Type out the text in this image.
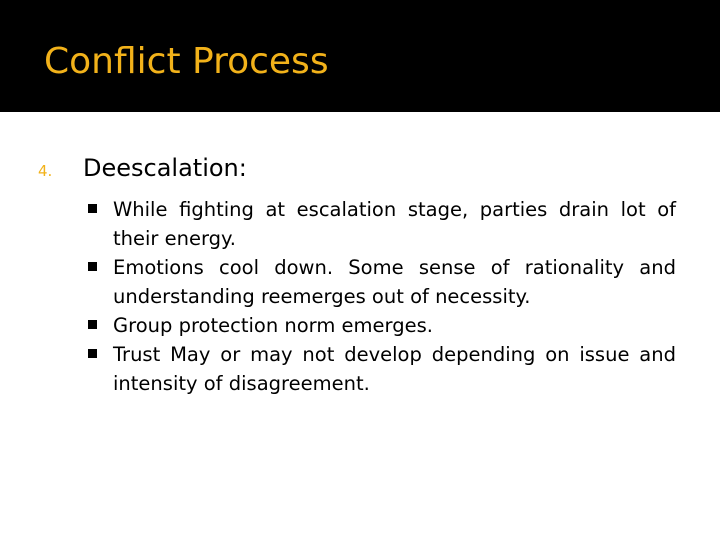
Conflict Process
4. Deescalation:
While fighting at escalation stage, parties drain lot of their energy.
Emotions cool down. Some sense of rationality and understanding reemerges out of necessity.
Group protection norm emerges.
Trust May or may not develop depending on issue and intensity of disagreement.
